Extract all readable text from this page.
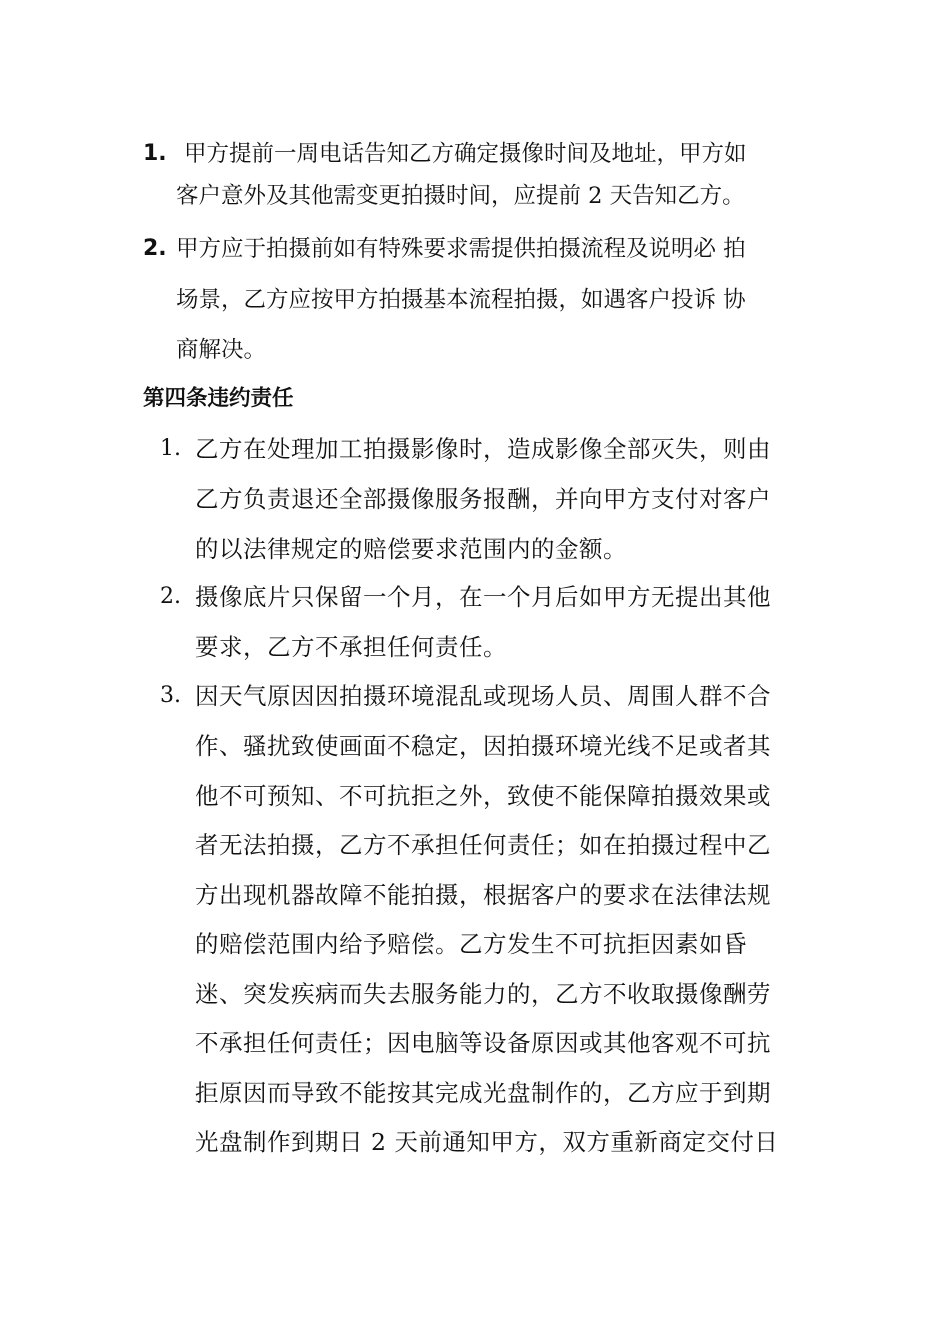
1. 甲方提前一周电话告知乙方确定摄像时间及地址，甲方如
客户意外及其他需变更拍摄时间，应提前 2 天告知乙方。
2. 甲方应于拍摄前如有特殊要求需提供拍摄流程及说明必 拍
场景，乙方应按甲方拍摄基本流程拍摄，如遇客户投诉 协
商解决。
第四条违约责任
1. 乙方在处理加工拍摄影像时，造成影像全部灭失，则由
乙方负责退还全部摄像服务报酬，并向甲方支付对客户
的以法律规定的赔偿要求范围内的金额。
2. 摄像底片只保留一个月，在一个月后如甲方无提出其他
要求，乙方不承担任何责任。
3. 因天气原因因拍摄环境混乱或现场人员、周围人群不合
作、骚扰致使画面不稳定，因拍摄环境光线不足或者其
他不可预知、不可抗拒之外，致使不能保障拍摄效果或
者无法拍摄，乙方不承担任何责任；如在拍摄过程中乙
方出现机器故障不能拍摄，根据客户的要求在法律法规
的赔偿范围内给予赔偿。乙方发生不可抗拒因素如昏
迷、突发疾病而失去服务能力的，乙方不收取摄像酬劳
不承担任何责任；因电脑等设备原因或其他客观不可抗
拒原因而导致不能按其完成光盘制作的，乙方应于到期
光盘制作到期日 2 天前通知甲方，双方重新商定交付日
